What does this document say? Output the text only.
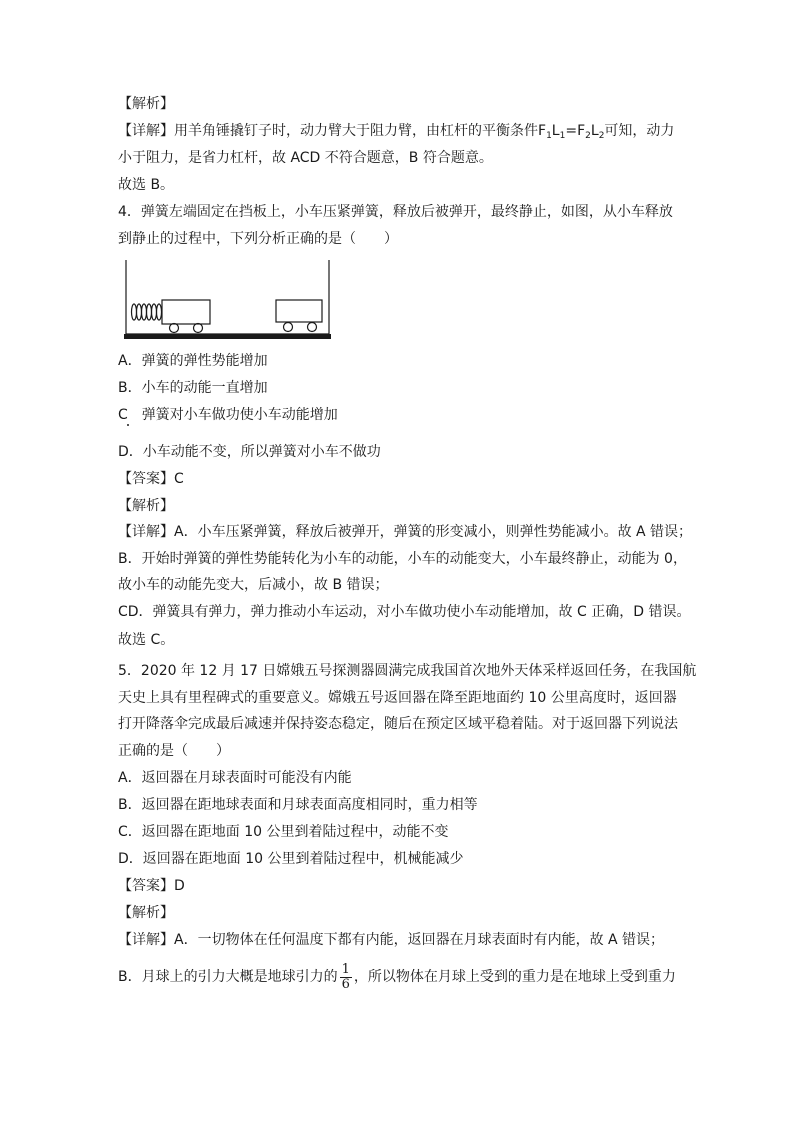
【解析】
【详解】用羊角锤撬钉子时，动力臂大于阻力臂，由杠杆的平衡条件$F_1L_1=F_2L_2$可知，动力
小于阻力，是省力杠杆，故 ACD 不符合题意，B 符合题意。
故选 B。
4．弹簧左端固定在挡板上，小车压紧弹簧，释放后被弹开，最终静止，如图，从小车释放
到静止的过程中，下列分析正确的是（　　）
A．弹簧的弹性势能增加
B．小车的动能一直增加
C　弹簧对小车做功使小车动能增加
D．小车动能不变，所以弹簧对小车不做功
【答案】C
【解析】
【详解】A．小车压紧弹簧，释放后被弹开，弹簧的形变减小，则弹性势能减小。故 A 错误；
B．开始时弹簧的弹性势能转化为小车的动能，小车的动能变大，小车最终静止，动能为 0，
故小车的动能先变大，后减小，故 B 错误；
CD．弹簧具有弹力，弹力推动小车运动，对小车做功使小车动能增加，故 C 正确，D 错误。
故选 C。
5．2020 年 12 月 17 日嫦娥五号探测器圆满完成我国首次地外天体采样返回任务，在我国航
天史上具有里程碑式的重要意义。嫦娥五号返回器在降至距地面约 10 公里高度时，返回器
打开降落伞完成最后减速并保持姿态稳定，随后在预定区域平稳着陆。对于返回器下列说法
正确的是（　　）
A．返回器在月球表面时可能没有内能
B．返回器在距地球表面和月球表面高度相同时，重力相等
C．返回器在距地面 10 公里到着陆过程中，动能不变
D．返回器在距地面 10 公里到着陆过程中，机械能减少
【答案】D
【解析】
【详解】A．一切物体在任何温度下都有内能，返回器在月球表面时有内能，故 A 错误；
B．月球上的引力大概是地球引力的 $\frac{1}{6}$ ，所以物体在月球上受到的重力是在地球上受到重力
